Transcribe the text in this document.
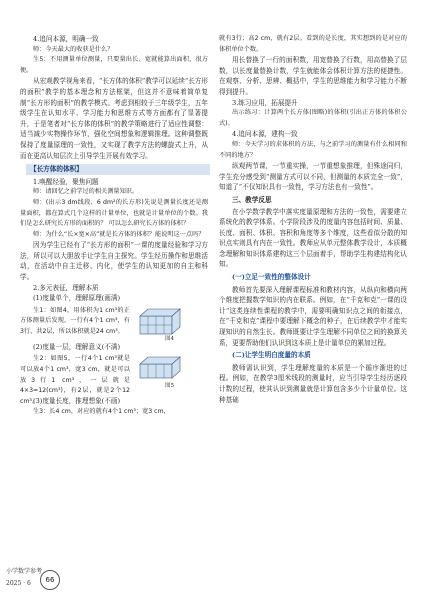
4.追问本源，明确一致

师：今天最大的收获是什么？

生5：不用测量单位测量，只要量出长、宽就能算出面积，很方便。

从宏观教学视角来看，“长方体的体积”教学可以延续“长方形的面积”教学的基本理念和方法框架，但这并不意味着简单复制“长方形的面积”的教学模式。考虑到相较于三年级学生，五年级学生在认知水平、学习能力和思维方式等方面都有了显著提升，于是笔者对“长方体的体积”的教学策略进行了适应性调整：适当减少实物操作环节，强化空间想象和逻辑推理。这种调整既保持了度量原理的一致性，又实现了教学方法的螺旋式上升，从而在更高认知层次上引导学生开展有效学习。

【长方体的体积】

1.唤醒经验，聚焦问题

师：请回忆之前学过的相关测量知识。

师：(出示3 dm线段、6 dm²的长方形)先说是测量长度还是测量面积，都在算式几个这样的计量单位，也就是计量单位的个数。我们是怎么研究长方形的面积的？ 可以怎么研究长方体的体积？

师：为什么“长×宽×高”就是长方体的体积？能说明这一点吗？

因为学生已经有了“长方形的面积”一课的度量经验和学习方法，所以可以大胆放手让学生自主探究。学生经历操作和思维活动，在活动中自主迁移、内化，使学生的认知更加的自主和科学。

2.多元表征，理解本质

(1)度量单个，理解原理(画满)

生1：如图4，用体积为1 cm³的正方体测量后发现，一行有4个1 cm³，有3行，共2层，所以体积就是24 cm³。

图4

(2)度量一层，理解意义(不满)

生2：如图5，一行4个1 cm³就是可以放4个1 cm³，宽3 cm，就是可以放3行1 cm³，一层就是4×3=12(cm³)，有2层，就是2个12 cm³。

图5

(3)度量长度，推理想象(不画)

生3：长4 cm，对应的就有4个1 cm³；宽3 cm，

就有3行；高2 cm，就有2层。看到的是长度，其实想到的是对应的体积单位个数。

用长替换了一行的面积数，用宽替换了行数，用高替换了层数，以长度量替换计数，学生就能体会体积计算方法的便捷性。在观察、分析、思辨、概括中，学生的思维能力和学习能力不断得到提升。

3.练习应用，拓展提升

出示练习：计算两个长方体(图略)的体积(引出正方体的体积公式)。

4.追问本源，建构一致

师：今天学习的求体积的方法，与之前学习的测量有什么相同和不同的地方？

纵观两节课，一节重实操，一节重想象推理，但殊途同归，学生充分感受到“测量方式可以不同，但测量的本质完全一致”，知道了“不仅知识具有一致性，学习方法也有一致性”。

三、教学反思

在小学数学教学中落实度量原理和方法的一致性，需要建立系统化的教学体系。小学阶段涉及的度量内容包括时间、质量、长度、面积、体积、容积和角度等多个维度，这些看似分散的知识点实则具有内在一致性。教师应从单元整体教学设计，本质概念理解和知识体系建构这三个层面着手，帮助学生构建结构化认知。

(一)立足一致性的整体设计

教师首先要深入理解课程标准和教材内容，从纵向和横向两个维度把握数学知识的内在联系。例如，在“千克和克”一课的设计“这类连续性课程的教学中，需要明确知识点之间的衔接点，在“千克和克”课程中要理解下概念的种子，在后续教学中才能实现知识的自然生长。教师既要让学生理解不同单位之间的换算关系，更要帮助他们认识到这本质上是计量单位的累加过程。

(二)让学生明白度量的本质

教师需认识到，学生理解度量的本质是一个循序渐进的过程。例如，在教学3厘米线段的测量时，应当引导学生经历逐段计数的过程，使其认识到测量就是计算包含多少个计量单位。这种基础

小学数学参考
66
2025 · 6
